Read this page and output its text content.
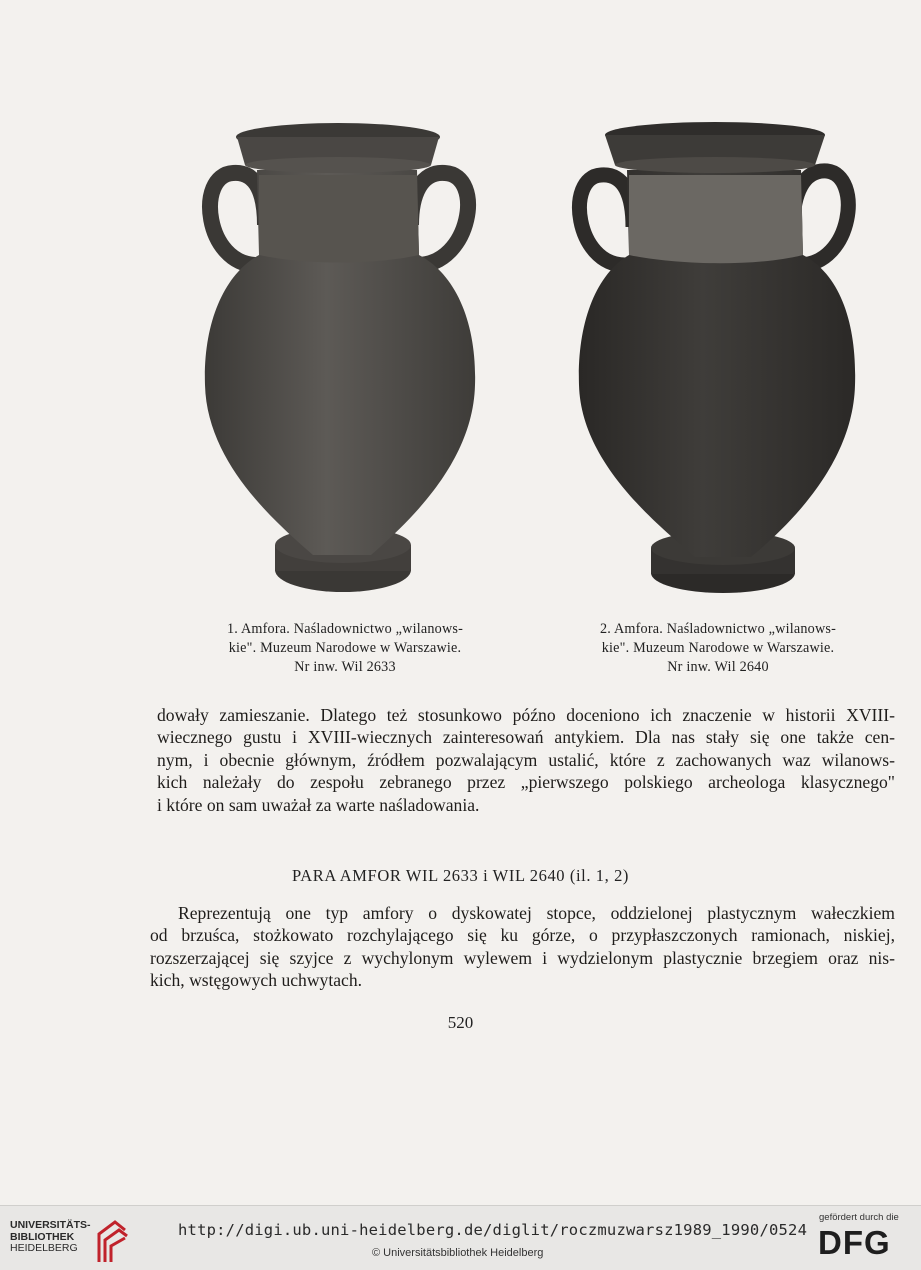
1. Amfora. Naśladownictwo „wilanows-
kie". Muzeum Narodowe w Warszawie.
Nr inw. Wil 2633
2. Amfora. Naśladownictwo „wilanows-
kie". Muzeum Narodowe w Warszawie.
Nr inw. Wil 2640
dowały zamieszanie. Dlatego też stosunkowo późno doceniono ich znaczenie w historii XVIII-
wiecznego gustu i XVIII-wiecznych zainteresowań antykiem. Dla nas stały się one także cen-
nym, i obecnie głównym, źródłem pozwalającym ustalić, które z zachowanych waz wilanows-
kich należały do zespołu zebranego przez „pierwszego polskiego archeologa klasycznego"
i które on sam uważał za warte naśladowania.
PARA AMFOR WIL 2633 i WIL 2640 (il. 1, 2)
Reprezentują one typ amfory o dyskowatej stopce, oddzielonej plastycznym wałeczkiem
od brzuśca, stożkowato rozchylającego się ku górze, o przypłaszczonych ramionach, niskiej,
rozszerzającej się szyjce z wychylonym wylewem i wydzielonym plastycznie brzegiem oraz nis-
kich, wstęgowych uchwytach.
520
UNIVERSITÄTS-
BIBLIOTHEK
HEIDELBERG
http://digi.ub.uni-heidelberg.de/diglit/roczmuzwarsz1989_1990/0524
© Universitätsbibliothek Heidelberg
gefördert durch die
DFG
